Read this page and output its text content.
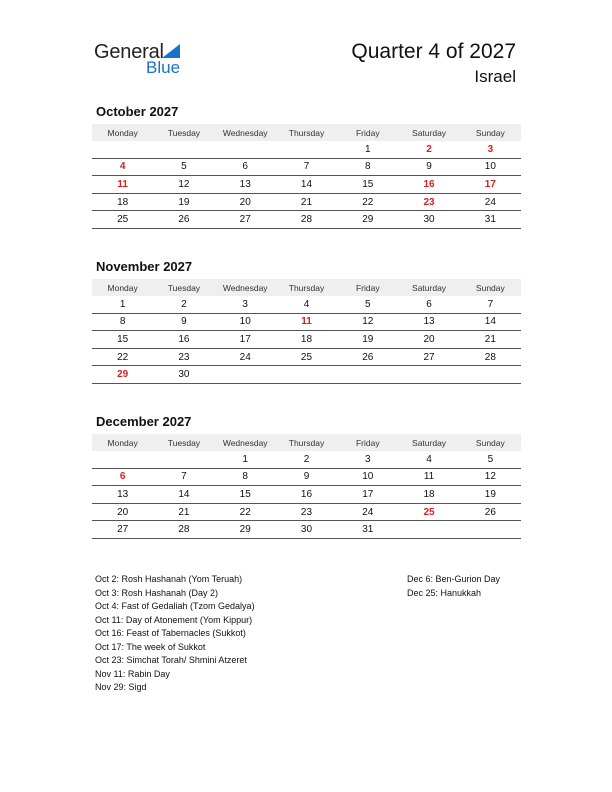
General
Blue
Quarter 4 of 2027
Israel
October 2027
Monday	Tuesday	Wednesday	Thursday	Friday	Saturday	Sunday
				1	2	3
4	5	6	7	8	9	10
11	12	13	14	15	16	17
18	19	20	21	22	23	24
25	26	27	28	29	30	31
November 2027
Monday	Tuesday	Wednesday	Thursday	Friday	Saturday	Sunday
1	2	3	4	5	6	7
8	9	10	11	12	13	14
15	16	17	18	19	20	21
22	23	24	25	26	27	28
29	30					
December 2027
Monday	Tuesday	Wednesday	Thursday	Friday	Saturday	Sunday
		1	2	3	4	5
6	7	8	9	10	11	12
13	14	15	16	17	18	19
20	21	22	23	24	25	26
27	28	29	30	31		
Oct 2: Rosh Hashanah (Yom Teruah)
Oct 3: Rosh Hashanah (Day 2)
Oct 4: Fast of Gedaliah (Tzom Gedalya)
Oct 11: Day of Atonement (Yom Kippur)
Oct 16: Feast of Tabernacles (Sukkot)
Oct 17: The week of Sukkot
Oct 23: Simchat Torah/ Shmini Atzeret
Nov 11: Rabin Day
Nov 29: Sigd
Dec 6: Ben-Gurion Day
Dec 25: Hanukkah
